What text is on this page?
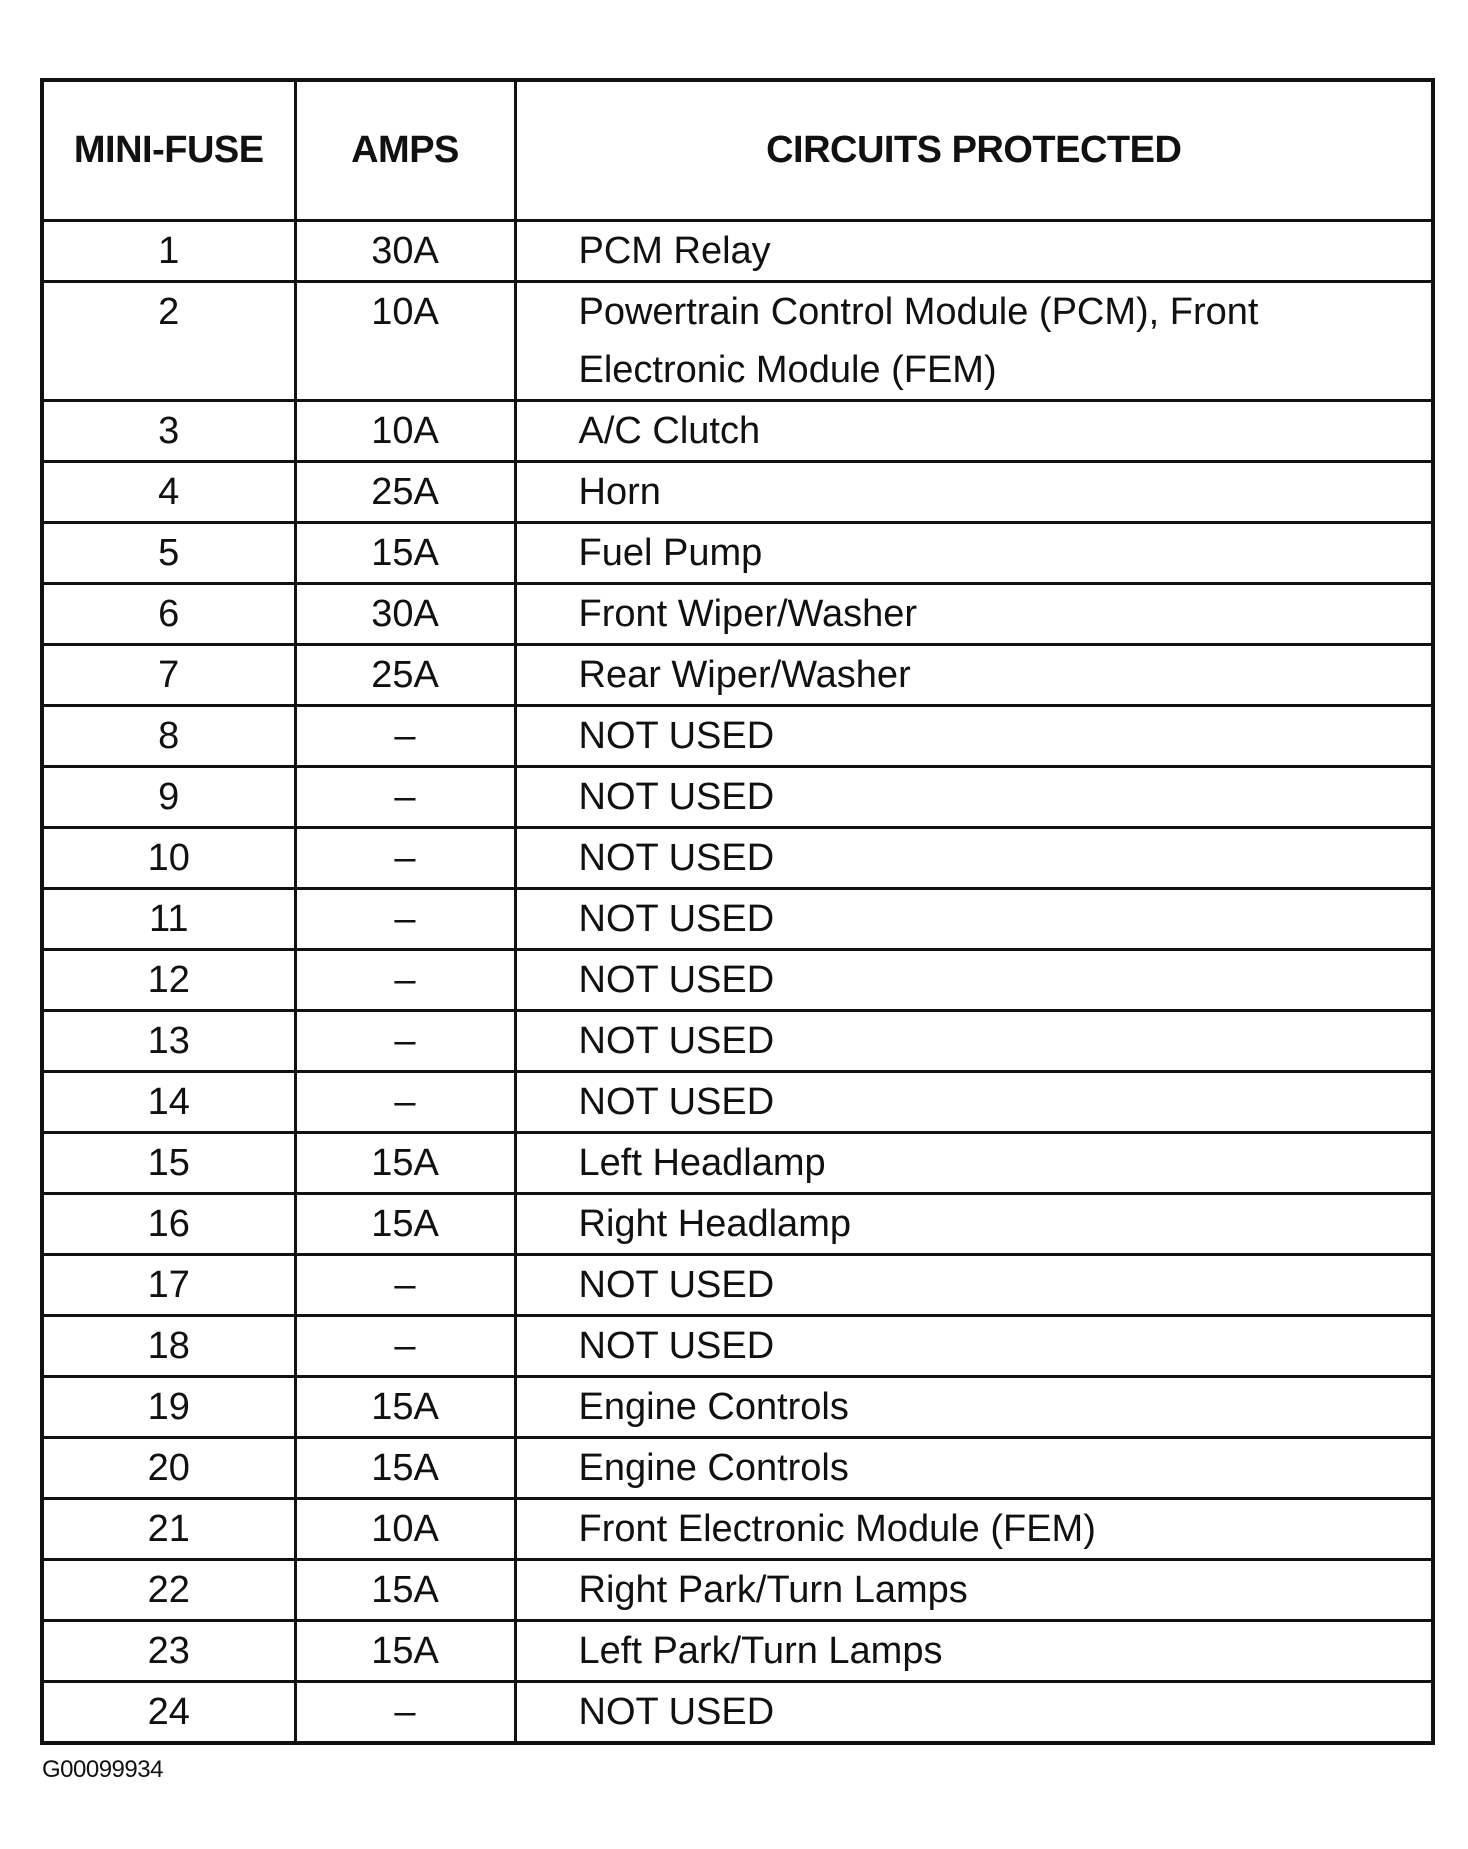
MINI-FUSE	AMPS	CIRCUITS PROTECTED
1	30A	PCM Relay
2	10A	Powertrain Control Module (PCM), Front Electronic Module (FEM)
3	10A	A/C Clutch
4	25A	Horn
5	15A	Fuel Pump
6	30A	Front Wiper/Washer
7	25A	Rear Wiper/Washer
8	–	NOT USED
9	–	NOT USED
10	–	NOT USED
11	–	NOT USED
12	–	NOT USED
13	–	NOT USED
14	–	NOT USED
15	15A	Left Headlamp
16	15A	Right Headlamp
17	–	NOT USED
18	–	NOT USED
19	15A	Engine Controls
20	15A	Engine Controls
21	10A	Front Electronic Module (FEM)
22	15A	Right Park/Turn Lamps
23	15A	Left Park/Turn Lamps
24	–	NOT USED
G00099934
